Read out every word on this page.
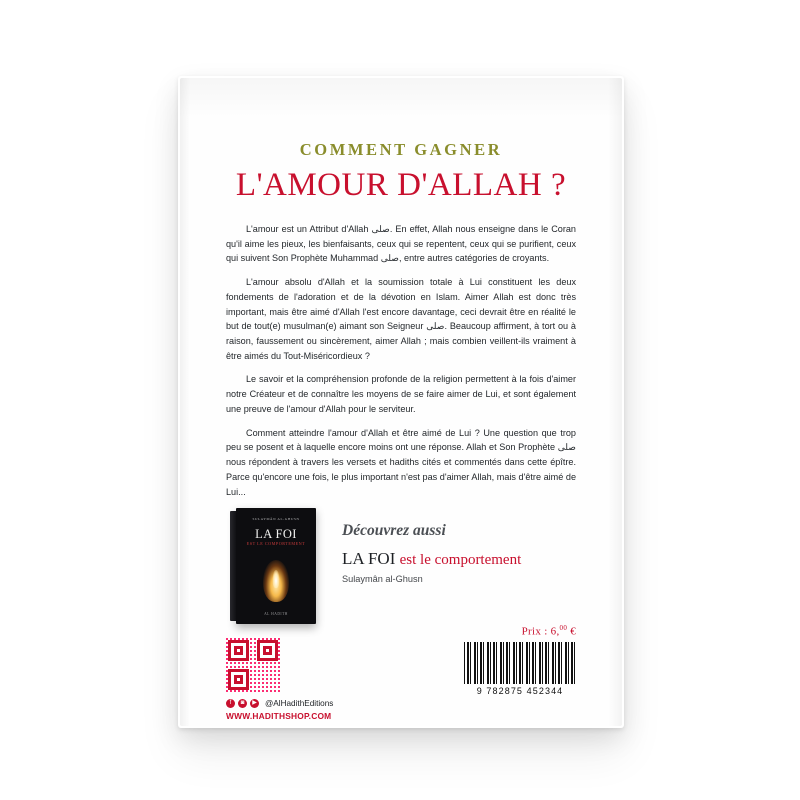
COMMENT GAGNER
L'AMOUR D'ALLAH ?

L'amour est un Attribut d'Allah صلى. En effet, Allah nous enseigne dans le Coran qu'il aime les pieux, les bienfaisants, ceux qui se repentent, ceux qui se purifient, ceux qui suivent Son Prophète Muhammad صلى, entre autres catégories de croyants.

L'amour absolu d'Allah et la soumission totale à Lui constituent les deux fondements de l'adoration et de la dévotion en Islam. Aimer Allah est donc très important, mais être aimé d'Allah l'est encore davantage, ceci devrait être en réalité le but de tout(e) musulman(e) aimant son Seigneur صلى. Beaucoup affirment, à tort ou à raison, faussement ou sincèrement, aimer Allah ; mais combien veillent-ils vraiment à être aimés du Tout-Miséricordieux ?

Le savoir et la compréhension profonde de la religion permettent à la fois d'aimer notre Créateur et de connaître les moyens de se faire aimer de Lui, et sont également une preuve de l'amour d'Allah pour le serviteur.

Comment atteindre l'amour d'Allah et être aimé de Lui ? Une question que trop peu se posent et à laquelle encore moins ont une réponse. Allah et Son Prophète صلى nous répondent à travers les versets et hadiths cités et commentés dans cette épître. Parce qu'encore une fois, le plus important n'est pas d'aimer Allah, mais d'être aimé de Lui...

SULAYMÂN AL-GHUSN
LA FOI
EST LE COMPORTEMENT
AL HADITH
Découvrez aussi
LA FOI est le comportement
Sulaymân al-Ghusn
Prix : 6,00 €
f	◙	▶ @AlHadithEditions
WWW.HADITHSHOP.COM
9 782875 452344
